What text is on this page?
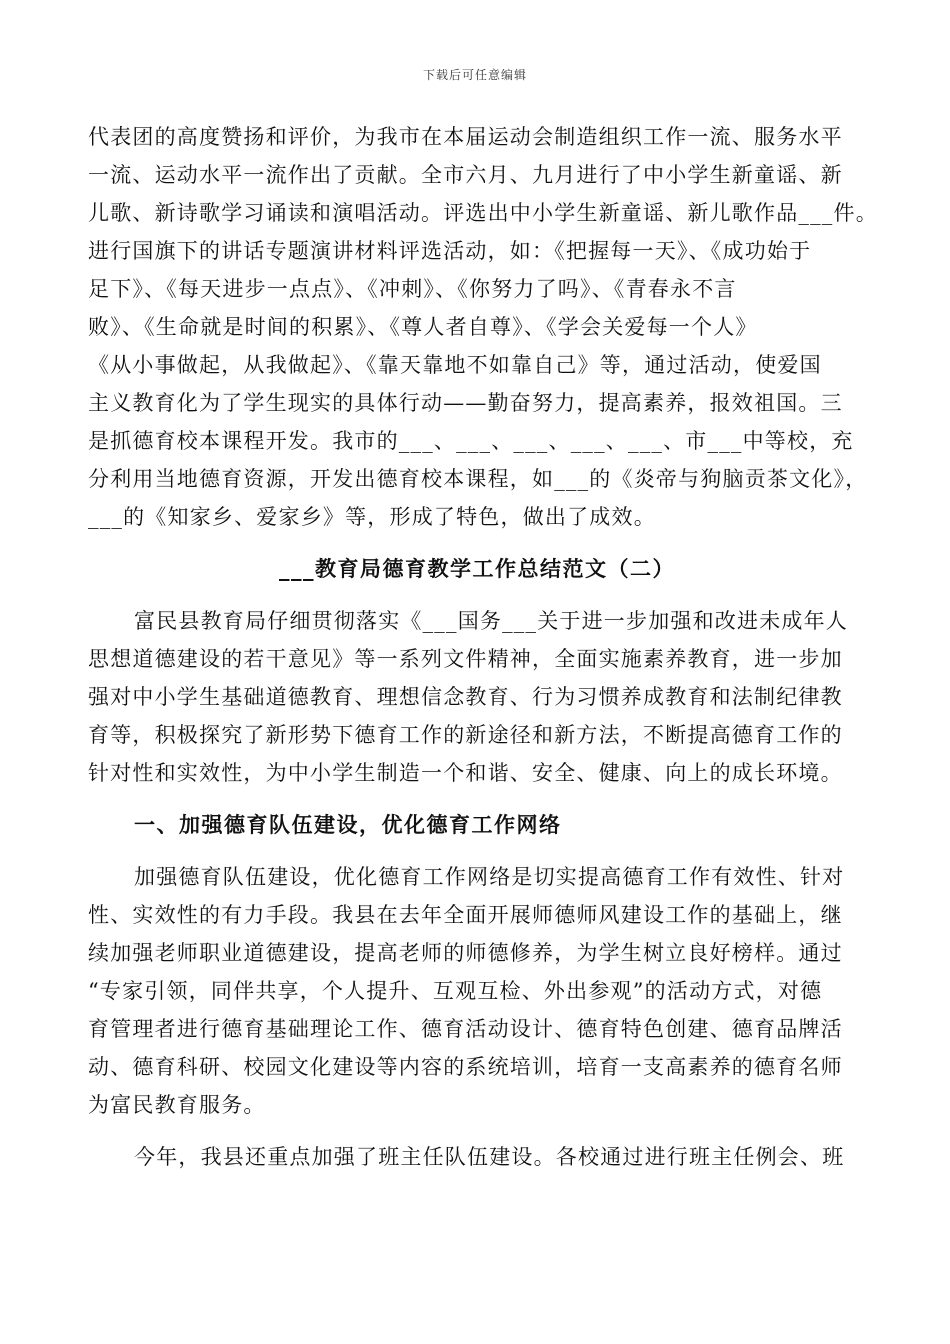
下载后可任意编辑
代表团的高度赞扬和评价，为我市在本届运动会制造组织工作一流、服务水平
一流、运动水平一流作出了贡献。全市六月、九月进行了中小学生新童谣、新
儿歌、新诗歌学习诵读和演唱活动。评选出中小学生新童谣、新儿歌作品___件。
进行国旗下的讲话专题演讲材料评选活动，如：《把握每一天》、《成功始于
足下》、《每天进步一点点》、《冲刺》、《你努力了吗》、《青春永不言
败》、《生命就是时间的积累》、《尊人者自尊》、《学会关爱每一个人》
《从小事做起，从我做起》、《靠天靠地不如靠自己》等，通过活动，使爱国
主义教育化为了学生现实的具体行动——勤奋努力，提高素养，报效祖国。三
是抓德育校本课程开发。我市的___、___、___、___、___、市___中等校，充
分利用当地德育资源，开发出德育校本课程，如___的《炎帝与狗脑贡茶文化》，
___的《知家乡、爱家乡》等，形成了特色，做出了成效。
___教育局德育教学工作总结范文（二）
富民县教育局仔细贯彻落实《___国务___关于进一步加强和改进未成年人
思想道德建设的若干意见》等一系列文件精神，全面实施素养教育，进一步加
强对中小学生基础道德教育、理想信念教育、行为习惯养成教育和法制纪律教
育等，积极探究了新形势下德育工作的新途径和新方法，不断提高德育工作的
针对性和实效性，为中小学生制造一个和谐、安全、健康、向上的成长环境。
一、加强德育队伍建设，优化德育工作网络
加强德育队伍建设，优化德育工作网络是切实提高德育工作有效性、针对
性、实效性的有力手段。我县在去年全面开展师德师风建设工作的基础上，继
续加强老师职业道德建设，提高老师的师德修养，为学生树立良好榜样。通过
“专家引领，同伴共享，个人提升、互观互检、外出参观”的活动方式，对德
育管理者进行德育基础理论工作、德育活动设计、德育特色创建、德育品牌活
动、德育科研、校园文化建设等内容的系统培训，培育一支高素养的德育名师
为富民教育服务。
今年，我县还重点加强了班主任队伍建设。各校通过进行班主任例会、班
